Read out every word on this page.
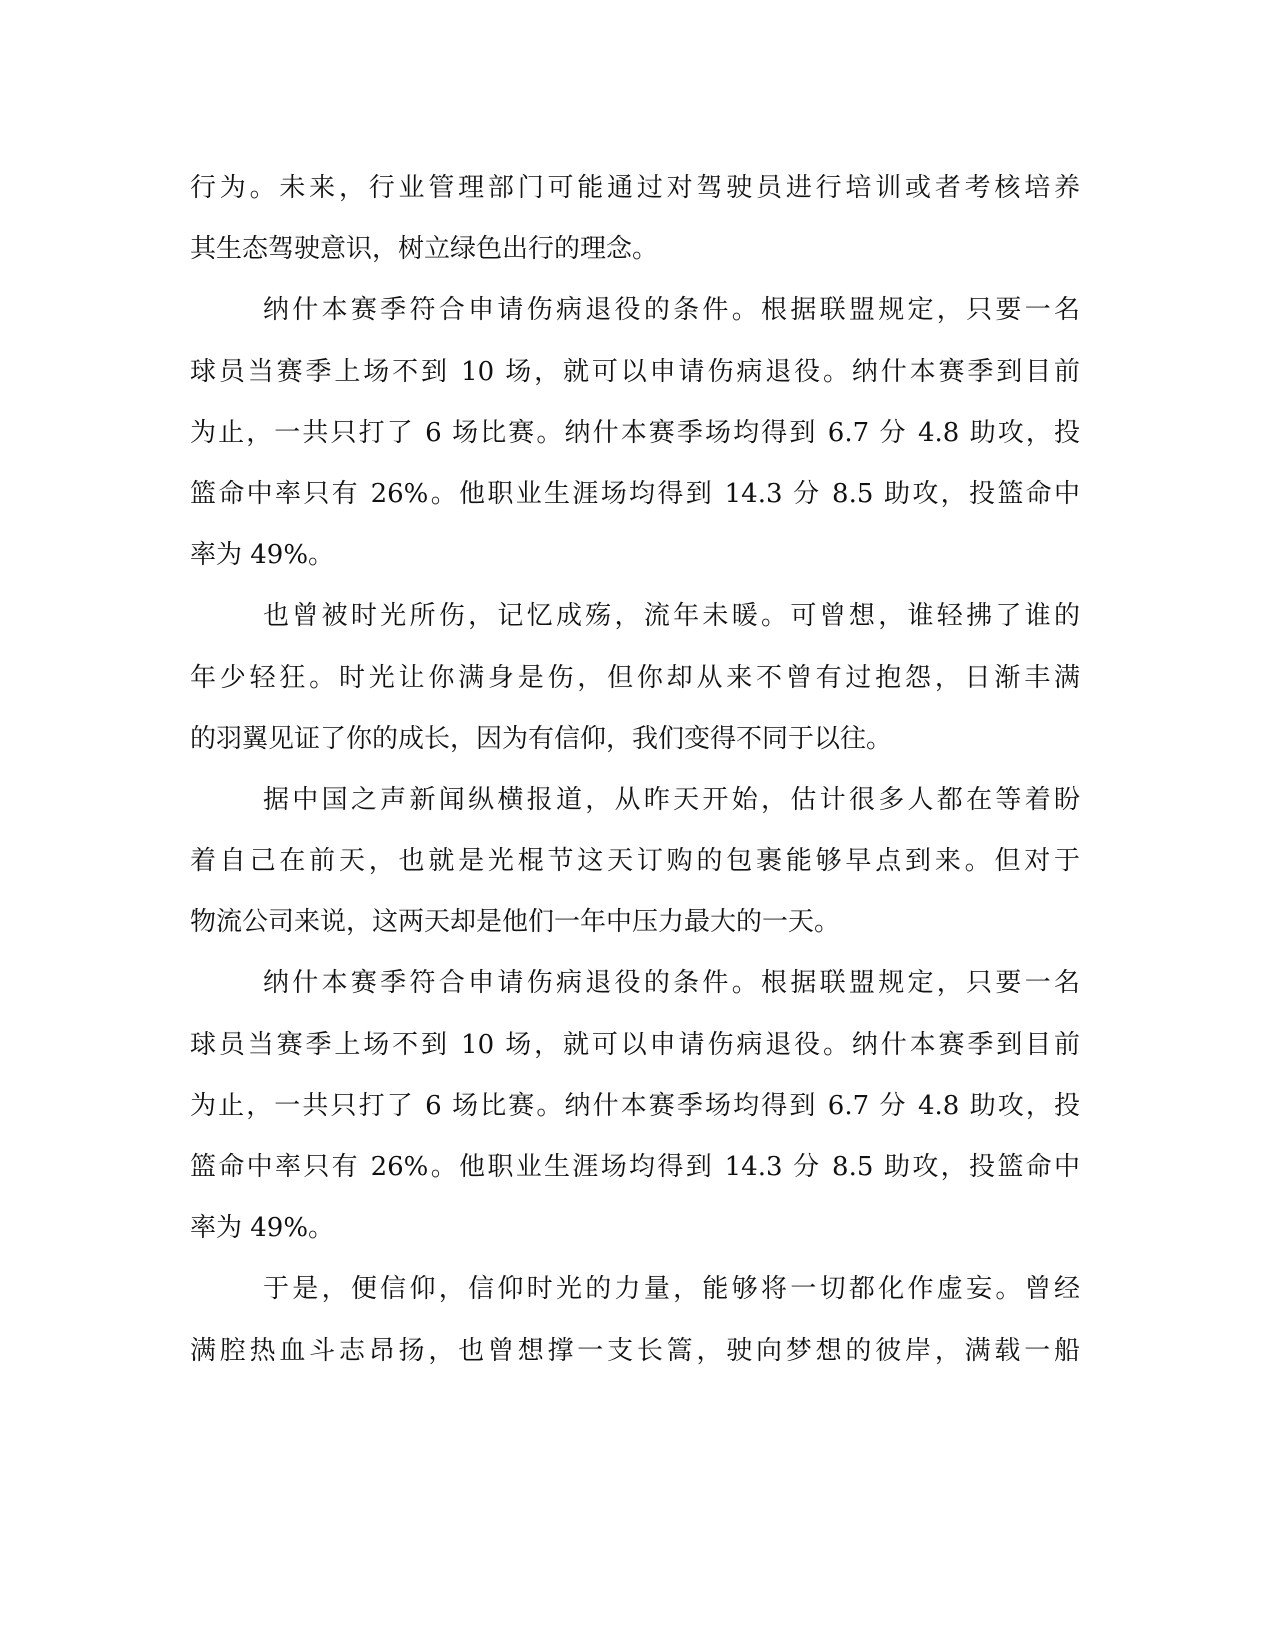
行为。未来，行业管理部门可能通过对驾驶员进行培训或者考核培养
其生态驾驶意识，树立绿色出行的理念。
纳什本赛季符合申请伤病退役的条件。根据联盟规定，只要一名
球员当赛季上场不到 10 场，就可以申请伤病退役。纳什本赛季到目前
为止，一共只打了 6 场比赛。纳什本赛季场均得到 6.7 分 4.8 助攻，投
篮命中率只有 26%。他职业生涯场均得到 14.3 分 8.5 助攻，投篮命中
率为 49%。
也曾被时光所伤，记忆成殇，流年未暖。可曾想，谁轻拂了谁的
年少轻狂。时光让你满身是伤，但你却从来不曾有过抱怨，日渐丰满
的羽翼见证了你的成长，因为有信仰，我们变得不同于以往。
据中国之声新闻纵横报道，从昨天开始，估计很多人都在等着盼
着自己在前天，也就是光棍节这天订购的包裹能够早点到来。但对于
物流公司来说，这两天却是他们一年中压力最大的一天。
纳什本赛季符合申请伤病退役的条件。根据联盟规定，只要一名
球员当赛季上场不到 10 场，就可以申请伤病退役。纳什本赛季到目前
为止，一共只打了 6 场比赛。纳什本赛季场均得到 6.7 分 4.8 助攻，投
篮命中率只有 26%。他职业生涯场均得到 14.3 分 8.5 助攻，投篮命中
率为 49%。
于是，便信仰，信仰时光的力量，能够将一切都化作虚妄。曾经
满腔热血斗志昂扬，也曾想撑一支长篙，驶向梦想的彼岸，满载一船
